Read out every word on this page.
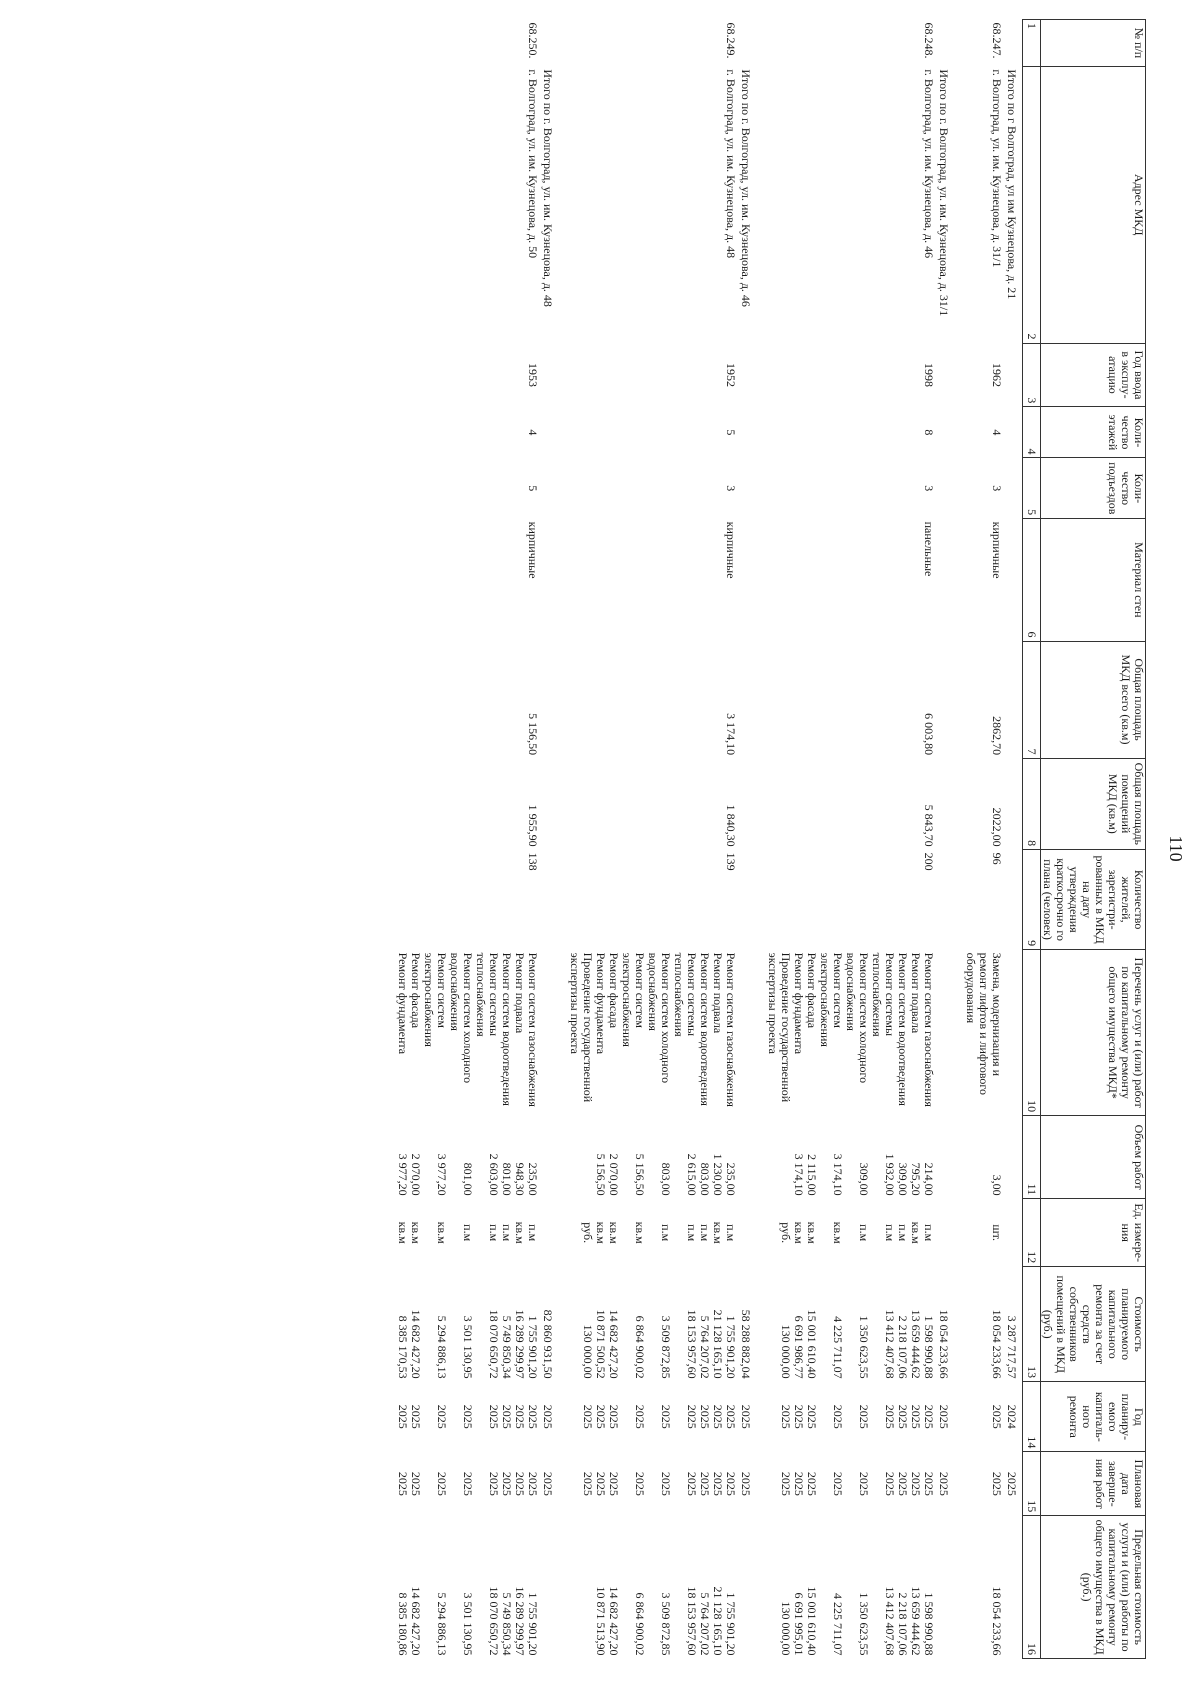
110
№ п/п	Адрес МКД	Год ввода в эксплу-атацию	Коли-чество этажей	Коли-чество подъездов	Материал стен	Общая площадь МКД всего (кв.м)	Общая площадь помещений МКД (кв.м)	Количество жителей, зарегистри-рованных в МКД на дату утверждения краткосрочно го плана (человек)	Перечень услуг и (или) работ по капитальному ремонту общего имущества МКД*	Объем работ	Ед. измере-ния	Стоимость планируемого капитального ремонта за счет средств собственников помещений в МКД (руб.)	Год планиру-емого капиталь-ного ремонта	Плановая дата заверше-ния работ	Предельная стоимость услуги и (или) работы по капитальному ремонту общего имущества в МКД (руб.)
1	2	3	4	5	6	7	8	9	10	11	12	13	14	15	16
	Итого по г Волгоград, ул им Кузнецова, д. 21											3 287 717,57	2024	2025	
68.247.	г. Волгоград, ул. им. Кузнецова, д. 31/1	1962	4	3	кирпичные	2862,70	2022,00	96	Замена, модернизация и ремонт лифтов и лифтового оборудования	3,00	шт.	18 054 233,66	2025	2025	18 054 233,66

	Итого по г. Волгоград, ул. им. Кузнецова, д. 31/1											18 054 233,66	2025	2025	
68.248.	г. Волгоград, ул. им. Кузнецова, д. 46	1998	8	3	панельные	6 003,80	5 843,70	200	Ремонт систем газоснабжения	214,00	п.м	1 598 990,88	2025	2025	1 598 990,88
									Ремонт подвала	795,20	кв.м	13 659 444,62	2025	2025	13 659 444,62
									Ремонт систем водоотведения	309,00	п.м	2 218 107,06	2025	2025	2 218 107,06
									Ремонт системы теплоснабжения	1 932,00	п.м	13 412 407,68	2025	2025	13 412 407,68
									Ремонт систем холодного водоснабжения	309,00	п.м	1 350 623,55	2025	2025	1 350 623,55
									Ремонт систем электроснабжения	3 174,10	кв.м	4 225 711,07	2025	2025	4 225 711,07
									Ремонт фасада	2 115,00	кв.м	15 001 610,40	2025	2025	15 001 610,40
									Ремонт фундамента	3 174,10	кв.м	6 691 986,77	2025	2025	6 691 995,01
									Проведение государственной экспертизы проекта		руб.	130 000,00	2025	2025	130 000,00

	Итого по г. Волгоград, ул. им. Кузнецова, д. 46											58 288 882,04	2025	2025	
68.249.	г. Волгоград, ул. им. Кузнецова, д. 48	1952	5	3	кирпичные	3 174,10	1 840,30	139	Ремонт систем газоснабжения	235,00	п.м	1 755 901,20	2025	2025	1 755 901,20
									Ремонт подвала	1 230,00	кв.м	21 128 165,10	2025	2025	21 128 165,10
									Ремонт систем водоотведения	803,00	п.м	5 764 207,02	2025	2025	5 764 207,02
									Ремонт системы теплоснабжения	2 615,00	п.м	18 153 957,60	2025	2025	18 153 957,60
									Ремонт систем холодного водоснабжения	803,00	п.м	3 509 872,85	2025	2025	3 509 872,85
									Ремонт систем электроснабжения	5 156,50	кв.м	6 864 900,02	2025	2025	6 864 900,02
									Ремонт фасада	2 070,00	кв.м	14 682 427,20	2025	2025	14 682 427,20
									Ремонт фундамента	5 156,50	кв.м	10 871 500,52	2025	2025	10 871 513,90
									Проведение государственной экспертизы проекта		руб.	130 000,00	2025	2025	

	Итого по г. Волгоград, ул. им. Кузнецова, д. 48											82 860 931,50	2025	2025	
68.250.	г. Волгоград, ул. им. Кузнецова, д. 50	1953	4	5	кирпичные	5 156,50	1 955,90	138	Ремонт систем газоснабжения	235,00	п.м	1 755 901,20	2025	2025	1 755 901,20
									Ремонт подвала	948,30	кв.м	16 289 299,97	2025	2025	16 289 299,97
									Ремонт систем водоотведения	801,00	п.м	5 749 850,34	2025	2025	5 749 850,34
									Ремонт системы теплоснабжения	2 603,00	п.м	18 070 650,72	2025	2025	18 070 650,72
									Ремонт систем холодного водоснабжения	801,00	п.м	3 501 130,95	2025	2025	3 501 130,95
									Ремонт систем электроснабжения	3 977,20	кв.м	5 294 886,13	2025	2025	5 294 886,13
									Ремонт фасада	2 070,00	кв.м	14 682 427,20	2025	2025	14 682 427,20
									Ремонт фундамента	3 977,20	кв.м	8 385 170,53	2025	2025	8 385 180,86
